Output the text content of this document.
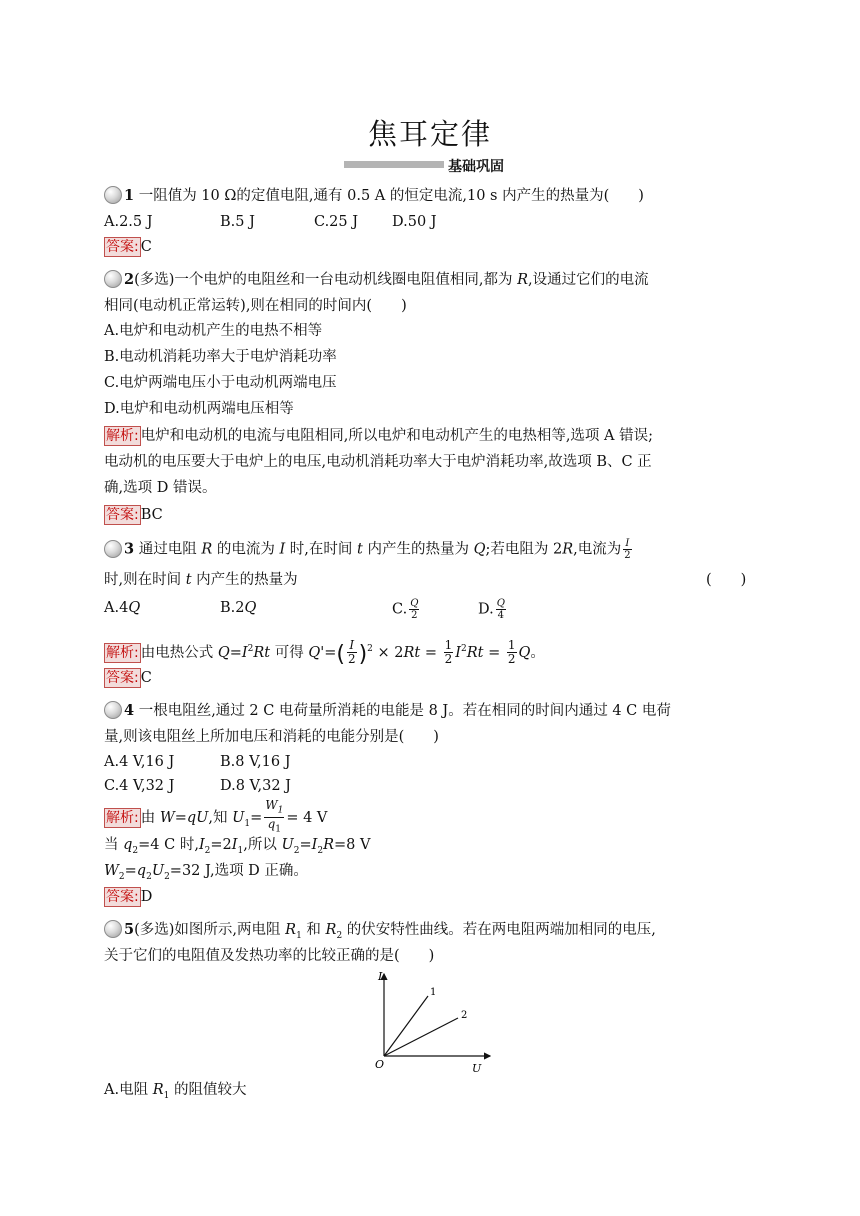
焦耳定律
基础巩固
1 一阻值为 10 Ω的定值电阻,通有 0.5 A 的恒定电流,10 s 内产生的热量为(　　)
A.2.5 J	B.5 J	C.25 J D.50 J
答案: C
2(多选)一个电炉的电阻丝和一台电动机线圈电阻值相同,都为 R,设通过它们的电流
相同(电动机正常运转),则在相同的时间内(　　)
A.电炉和电动机产生的电热不相等
B.电动机消耗功率大于电炉消耗功率
C.电炉两端电压小于电动机两端电压
D.电炉和电动机两端电压相等
解析: 电炉和电动机的电流与电阻相同,所以电炉和电动机产生的电热相等,选项 A 错误;
电动机的电压要大于电炉上的电压,电动机消耗功率大于电炉消耗功率,故选项 B、C 正
确,选项 D 错误。
答案: BC
3 通过电阻 R 的电流为 I 时,在时间 t 内产生的热量为 Q;若电阻为 2R,电流为 $\frac{I}{2}$
时,则在时间 t 内产生的热量为	(　　)
A.4Q	B.2Q	C. $\frac{Q}{2}$	D. $\frac{Q}{4}$
解析: 由电热公式 $Q=I^2Rt$ 可得 $Q'=( \frac{I}{2} )^2 \times 2Rt = \frac{1}{2} I^2Rt = \frac{1}{2}$ Q。
答案: C
4 一根电阻丝,通过 2 C 电荷量所消耗的电能是 8 J。若在相同的时间内通过 4 C 电荷
量,则该电阻丝上所加电压和消耗的电能分别是(　　)
A.4 V,16 J	B.8 V,16 J
C.4 V,32 J	D.8 V,32 J
解析: 由 W=qU,知 $U_1= \frac{W_1}{q_1} = 4$ V
当 $q_2=4$ C 时$,I_2=2I_1$,所以 $U_2=I_2R=8$ V
$W_2=q_2U_2=32$ J,选项 D 正确。
答案: D
5(多选)如图所示,两电阻 $R_1$ 和 $R_2$ 的伏安特性曲线。若在两电阻两端加相同的电压,
关于它们的电阻值及发热功率的比较正确的是(　　)
I
U
O
1
2
A.电阻 $R_1$ 的阻值较大
